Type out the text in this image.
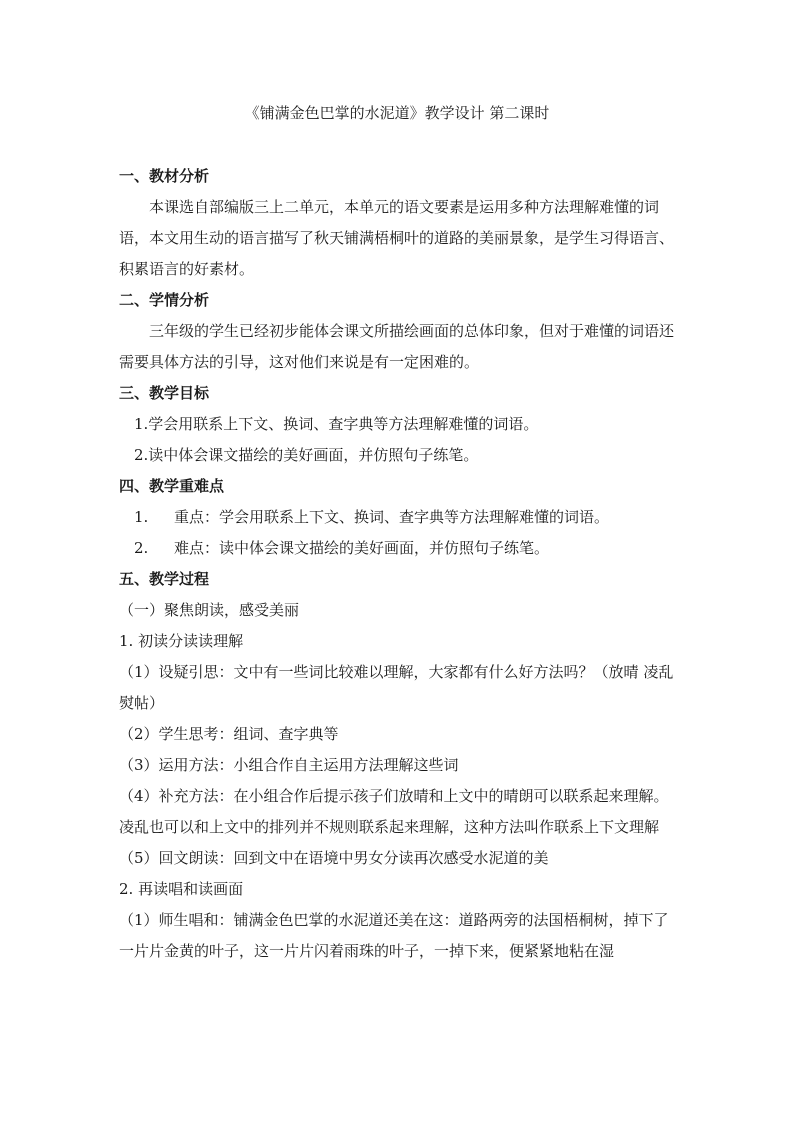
《铺满金色巴掌的水泥道》教学设计 第二课时

一、教材分析

本课选自部编版三上二单元，本单元的语文要素是运用多种方法理解难懂的词语，本文用生动的语言描写了秋天铺满梧桐叶的道路的美丽景象，是学生习得语言、积累语言的好素材。

二、学情分析

三年级的学生已经初步能体会课文所描绘画面的总体印象，但对于难懂的词语还需要具体方法的引导，这对他们来说是有一定困难的。

三、教学目标

1.学会用联系上下文、换词、查字典等方法理解难懂的词语。

2.读中体会课文描绘的美好画面，并仿照句子练笔。

四、教学重难点

1. 重点：学会用联系上下文、换词、查字典等方法理解难懂的词语。

2. 难点：读中体会课文描绘的美好画面，并仿照句子练笔。

五、教学过程

（一）聚焦朗读，感受美丽

1. 初读分读读理解

（1）设疑引思：文中有一些词比较难以理解，大家都有什么好方法吗？（放晴 凌乱 熨帖）

（2）学生思考：组词、查字典等

（3）运用方法：小组合作自主运用方法理解这些词

（4）补充方法：在小组合作后提示孩子们放晴和上文中的晴朗可以联系起来理解。凌乱也可以和上文中的排列并不规则联系起来理解，这种方法叫作联系上下文理解

（5）回文朗读：回到文中在语境中男女分读再次感受水泥道的美

2. 再读唱和读画面

（1）师生唱和：铺满金色巴掌的水泥道还美在这：道路两旁的法国梧桐树，掉下了一片片金黄的叶子，这一片片闪着雨珠的叶子，一掉下来，便紧紧地粘在湿
